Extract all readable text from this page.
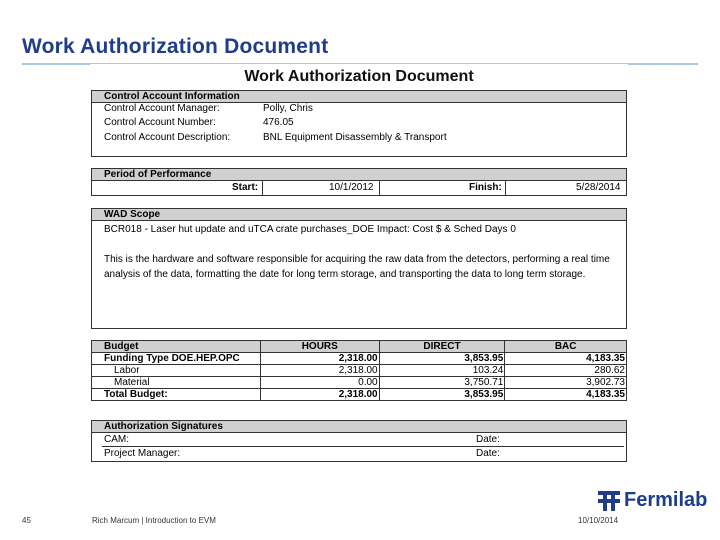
Work Authorization Document
Work Authorization Document
Control Account Information
Control Account Manager:	Polly, Chris
Control Account Number:	476.05
Control Account Description:	BNL Equipment Disassembly & Transport
Period of Performance
Start:	10/1/2012	Finish:	5/28/2014
WAD Scope
BCR018 - Laser hut update and uTCA crate purchases_DOE Impact: Cost $ & Sched Days 0
This is the hardware and software responsible for acquiring the raw data from the detectors, performing a real time analysis of the data, formatting the date for long term storage, and transporting the data to long term storage.
Budget	HOURS	DIRECT	BAC
Funding Type DOE.HEP.OPC	2,318.00	3,853.95	4,183.35
Labor	2,318.00	103.24	280.62
Material	0.00	3,750.71	3,902.73
Total Budget:	2,318.00	3,853.95	4,183.35
Authorization Signatures
CAM:	Date:
Project Manager:	Date:
45	Rich Marcum | Introduction to EVM	10/10/2014
Fermilab
